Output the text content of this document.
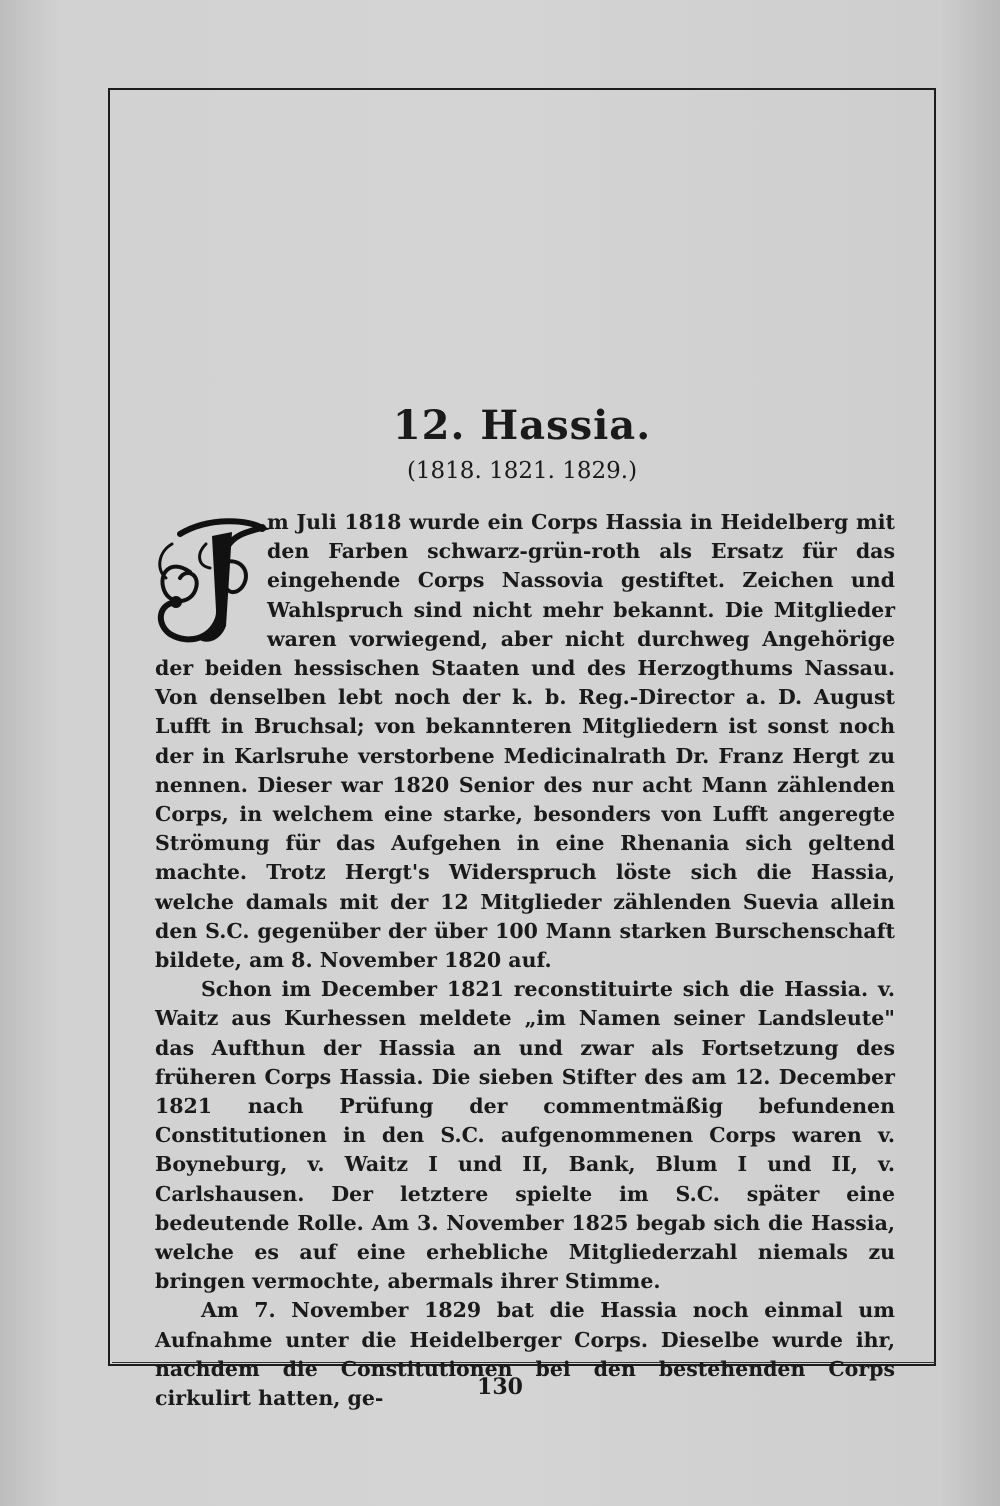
12. Hassia.
(1818. 1821. 1829.)

m Juli 1818 wurde ein Corps Hassia in Heidelberg mit den Farben schwarz-grün-roth als Ersatz für das eingehende Corps Nassovia gestiftet. Zeichen und Wahlspruch sind nicht mehr bekannt. Die Mitglieder waren vorwiegend, aber nicht durchweg Angehörige der beiden hessischen Staaten und des Herzogthums Nassau. Von denselben lebt noch der k. b. Reg.-Director a. D. August Lufft in Bruchsal; von bekannteren Mitgliedern ist sonst noch der in Karlsruhe verstorbene Medicinalrath Dr. Franz Hergt zu nennen. Dieser war 1820 Senior des nur acht Mann zählenden Corps, in welchem eine starke, besonders von Lufft angeregte Strömung für das Aufgehen in eine Rhenania sich geltend machte. Trotz Hergt's Widerspruch löste sich die Hassia, welche damals mit der 12 Mitglieder zählenden Suevia allein den S.C. gegenüber der über 100 Mann starken Burschenschaft bildete, am 8. November 1820 auf.

Schon im December 1821 reconstituirte sich die Hassia. v. Waitz aus Kurhessen meldete „im Namen seiner Landsleute" das Aufthun der Hassia an und zwar als Fortsetzung des früheren Corps Hassia. Die sieben Stifter des am 12. December 1821 nach Prüfung der commentmäßig befundenen Constitutionen in den S.C. aufgenommenen Corps waren v. Boyneburg, v. Waitz I und II, Bank, Blum I und II, v. Carlshausen. Der letztere spielte im S.C. später eine bedeutende Rolle. Am 3. November 1825 begab sich die Hassia, welche es auf eine erhebliche Mitgliederzahl niemals zu bringen vermochte, abermals ihrer Stimme.

Am 7. November 1829 bat die Hassia noch einmal um Aufnahme unter die Heidelberger Corps. Dieselbe wurde ihr, nachdem die Constitutionen bei den bestehenden Corps cirkulirt hatten, ge-	130
